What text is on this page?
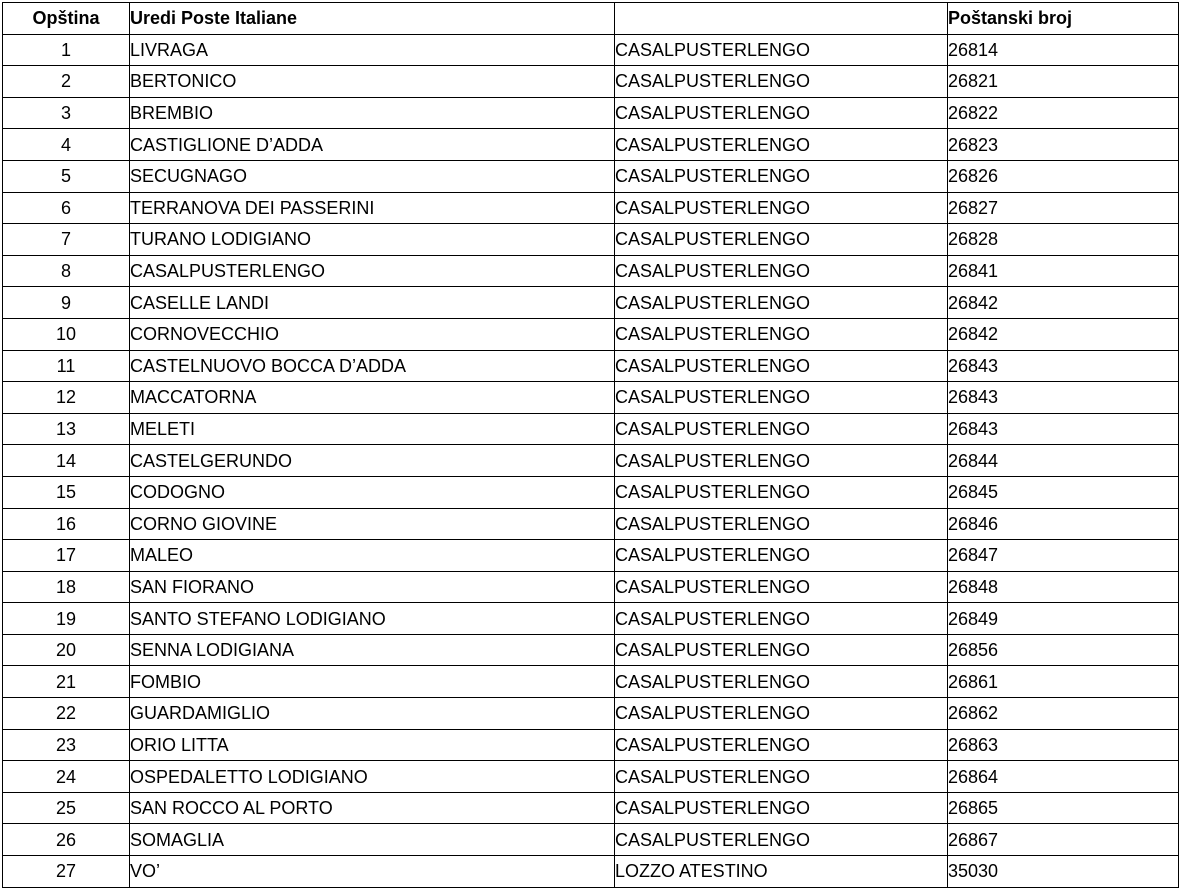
Opština	Uredi Poste Italiane		Poštanski broj
1	LIVRAGA	CASALPUSTERLENGO	26814
2	BERTONICO	CASALPUSTERLENGO	26821
3	BREMBIO	CASALPUSTERLENGO	26822
4	CASTIGLIONE D’ADDA	CASALPUSTERLENGO	26823
5	SECUGNAGO	CASALPUSTERLENGO	26826
6	TERRANOVA DEI PASSERINI	CASALPUSTERLENGO	26827
7	TURANO LODIGIANO	CASALPUSTERLENGO	26828
8	CASALPUSTERLENGO	CASALPUSTERLENGO	26841
9	CASELLE LANDI	CASALPUSTERLENGO	26842
10	CORNOVECCHIO	CASALPUSTERLENGO	26842
11	CASTELNUOVO BOCCA D’ADDA	CASALPUSTERLENGO	26843
12	MACCATORNA	CASALPUSTERLENGO	26843
13	MELETI	CASALPUSTERLENGO	26843
14	CASTELGERUNDO	CASALPUSTERLENGO	26844
15	CODOGNO	CASALPUSTERLENGO	26845
16	CORNO GIOVINE	CASALPUSTERLENGO	26846
17	MALEO	CASALPUSTERLENGO	26847
18	SAN FIORANO	CASALPUSTERLENGO	26848
19	SANTO STEFANO LODIGIANO	CASALPUSTERLENGO	26849
20	SENNA LODIGIANA	CASALPUSTERLENGO	26856
21	FOMBIO	CASALPUSTERLENGO	26861
22	GUARDAMIGLIO	CASALPUSTERLENGO	26862
23	ORIO LITTA	CASALPUSTERLENGO	26863
24	OSPEDALETTO LODIGIANO	CASALPUSTERLENGO	26864
25	SAN ROCCO AL PORTO	CASALPUSTERLENGO	26865
26	SOMAGLIA	CASALPUSTERLENGO	26867
27	VO’	LOZZO ATESTINO	35030
